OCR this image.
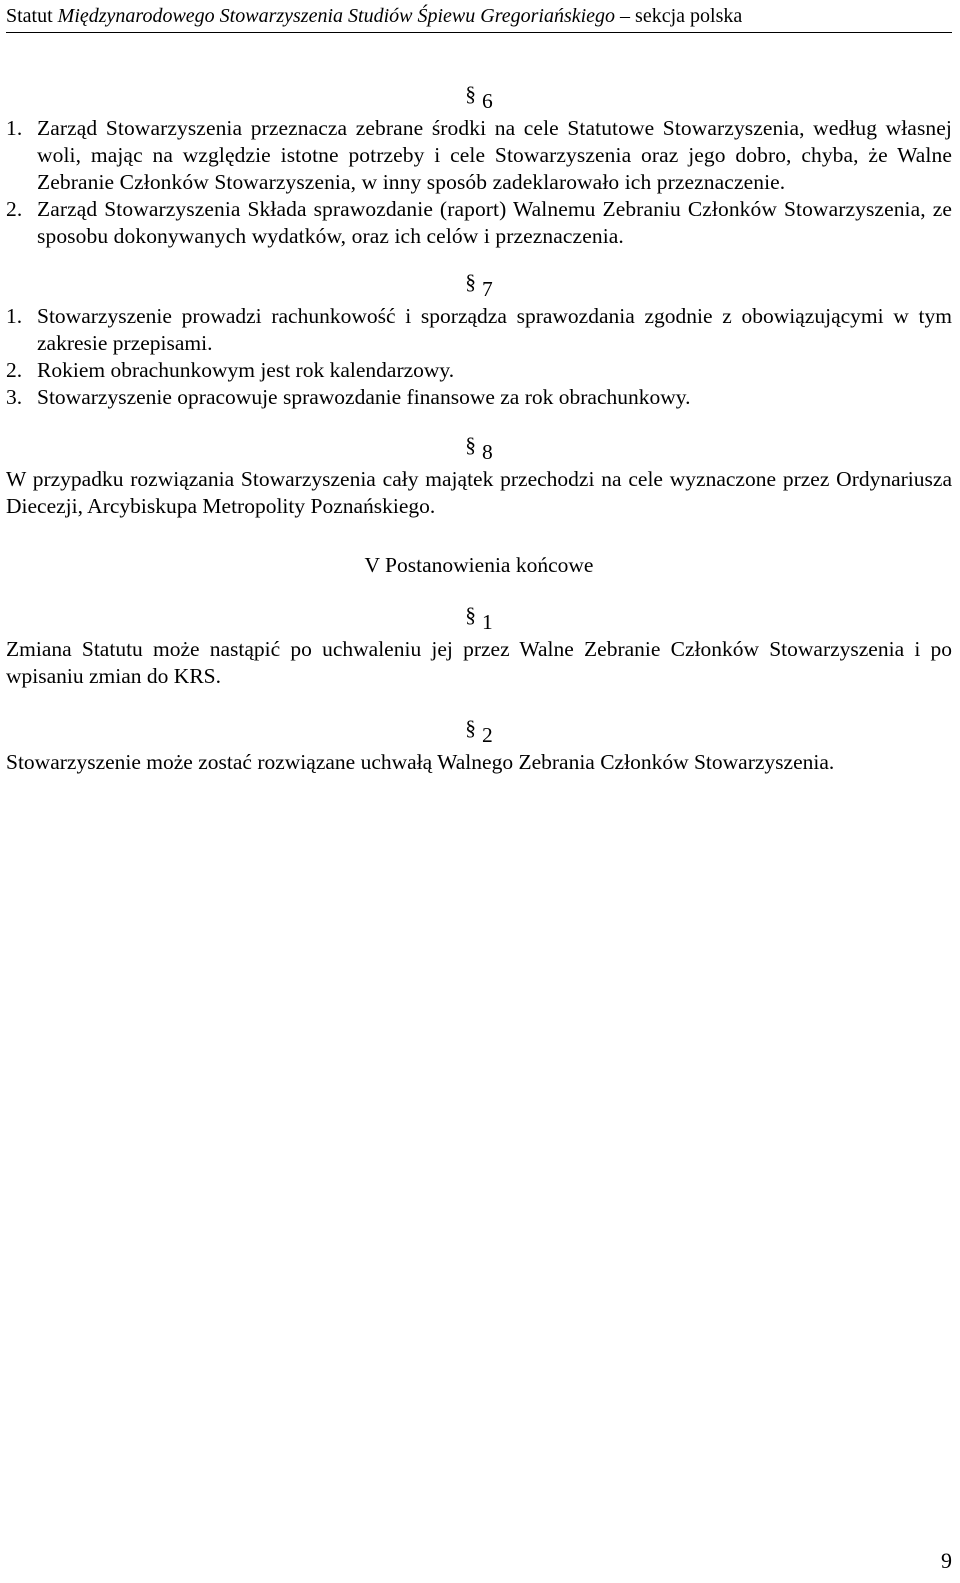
Statut Międzynarodowego Stowarzyszenia Studiów Śpiewu Gregoriańskiego – sekcja polska

§ 6

1. Zarząd Stowarzyszenia przeznacza zebrane środki na cele Statutowe Stowarzyszenia, według własnej woli, mając na względzie istotne potrzeby i cele Stowarzyszenia oraz jego dobro, chyba, że Walne Zebranie Członków Stowarzyszenia, w inny sposób zadeklarowało ich przeznaczenie.
2. Zarząd Stowarzyszenia Składa sprawozdanie (raport) Walnemu Zebraniu Członków Stowarzyszenia, ze sposobu dokonywanych wydatków, oraz ich celów i przeznaczenia.

§ 7

1. Stowarzyszenie prowadzi rachunkowość i sporządza sprawozdania zgodnie z obowiązującymi w tym zakresie przepisami.
2. Rokiem obrachunkowym jest rok kalendarzowy.
3. Stowarzyszenie opracowuje sprawozdanie finansowe za rok obrachunkowy.

§ 8

W przypadku rozwiązania Stowarzyszenia cały majątek przechodzi na cele wyznaczone przez Ordynariusza Diecezji, Arcybiskupa Metropolity Poznańskiego.

V Postanowienia końcowe

§ 1

Zmiana Statutu może nastąpić po uchwaleniu jej przez Walne Zebranie Członków Stowarzyszenia i po wpisaniu zmian do KRS.

§ 2

Stowarzyszenie może zostać rozwiązane uchwałą Walnego Zebrania Członków Stowarzyszenia.

9
